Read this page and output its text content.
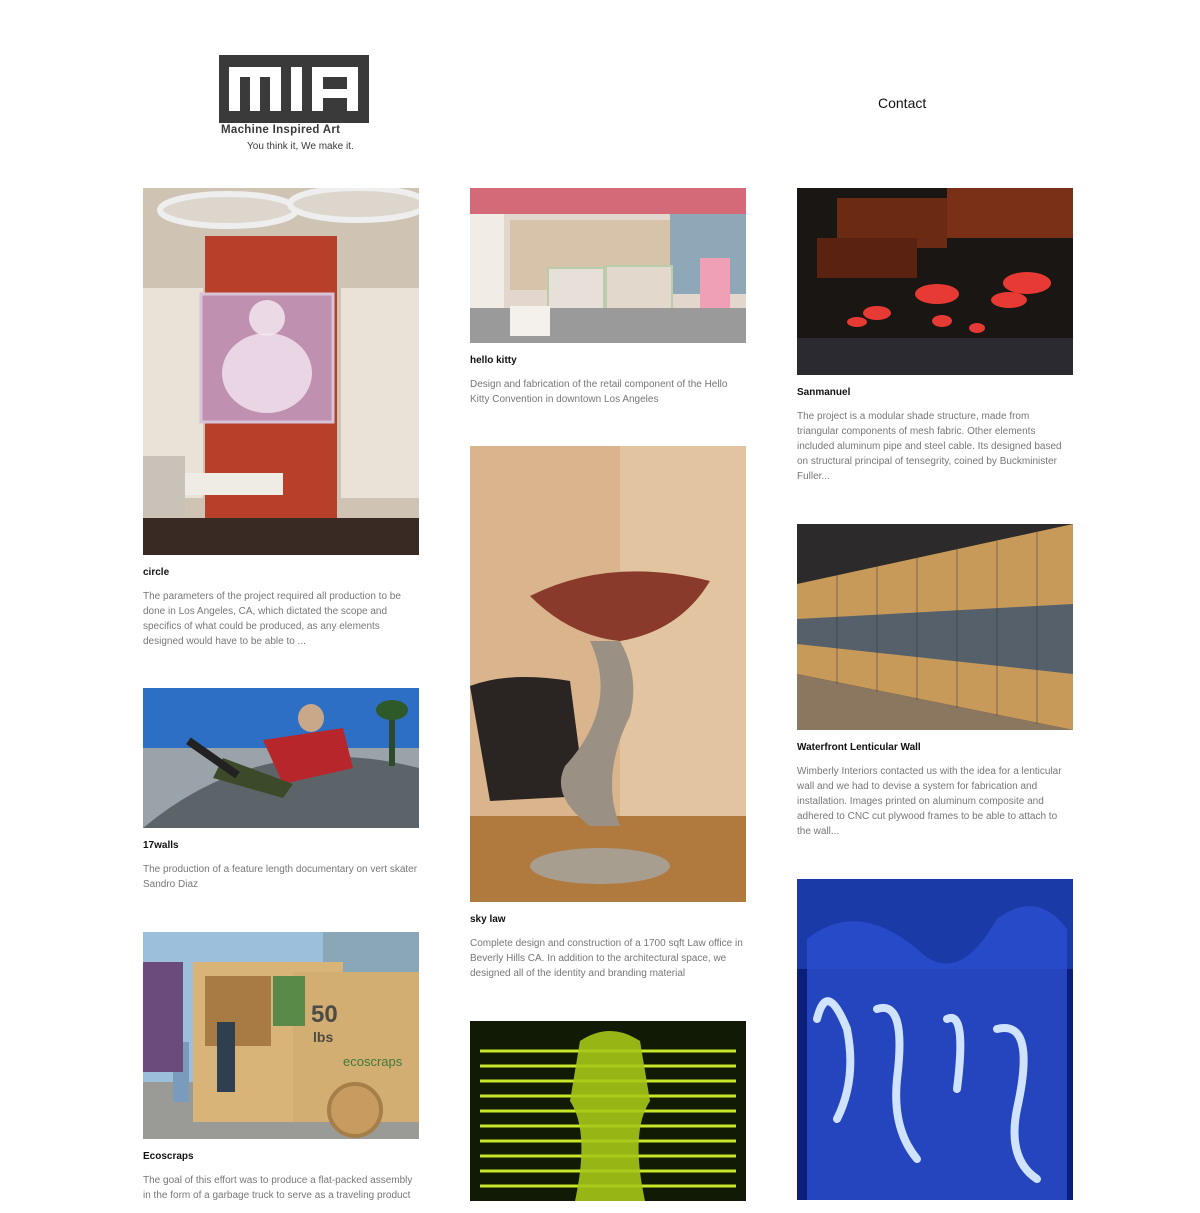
Machine Inspired Art
You think it, We make it.
Contact
circle
The parameters of the project required all production to be done in Los Angeles, CA, which dictated the scope and specifics of what could be produced, as any elements designed would have to be able to ...
17walls
The production of a feature length documentary on vert skater Sandro Diaz
50
lbs
ecoscraps
Ecoscraps
The goal of this effort was to produce a flat-packed assembly in the form of a garbage truck to serve as a traveling product
hello kitty
Design and fabrication of the retail component of the Hello Kitty Convention in downtown Los Angeles
sky law
Complete design and construction of a 1700 sqft Law office in Beverly Hills CA. In addition to the architectural space, we designed all of the identity and branding material
Sanmanuel
The project is a modular shade structure, made from triangular components of mesh fabric. Other elements included aluminum pipe and steel cable. Its designed based on structural principal of tensegrity, coined by Buckminister Fuller...
Waterfront Lenticular Wall
Wimberly Interiors contacted us with the idea for a lenticular wall and we had to devise a system for fabrication and installation. Images printed on aluminum composite and adhered to CNC cut plywood frames to be able to attach to the wall...
